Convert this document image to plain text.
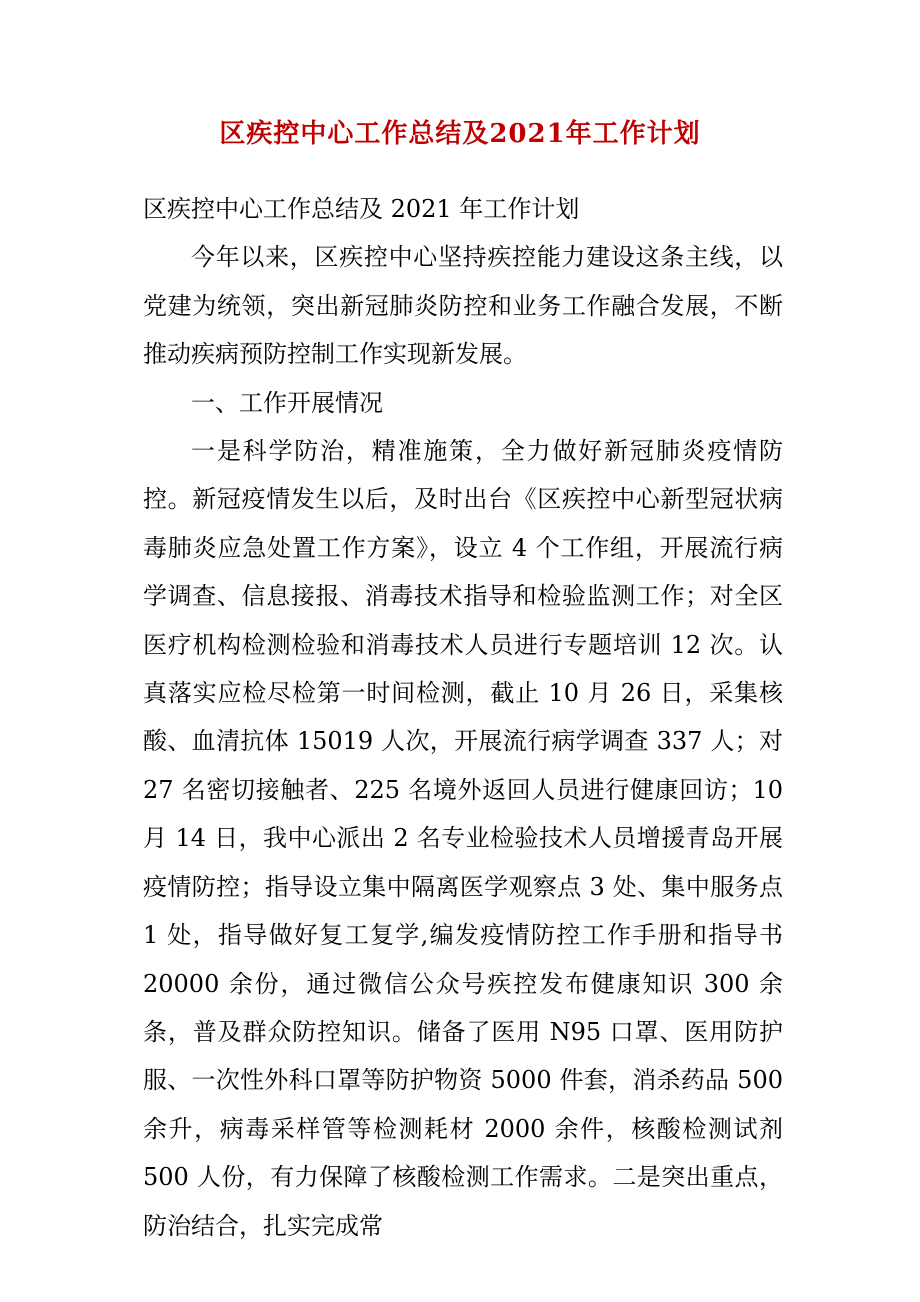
区疾控中心工作总结及2021年工作计划

区疾控中心工作总结及 2021 年工作计划

今年以来，区疾控中心坚持疾控能力建设这条主线，以党建为统领，突出新冠肺炎防控和业务工作融合发展，不断推动疾病预防控制工作实现新发展。

一、工作开展情况

一是科学防治，精准施策，全力做好新冠肺炎疫情防控。新冠疫情发生以后，及时出台《区疾控中心新型冠状病毒肺炎应急处置工作方案》，设立 4 个工作组，开展流行病学调查、信息接报、消毒技术指导和检验监测工作；对全区医疗机构检测检验和消毒技术人员进行专题培训 12 次。认真落实应检尽检第一时间检测，截止 10 月 26 日，采集核酸、血清抗体 15019 人次，开展流行病学调查 337 人；对 27 名密切接触者、225 名境外返回人员进行健康回访；10 月 14 日，我中心派出 2 名专业检验技术人员增援青岛开展疫情防控；指导设立集中隔离医学观察点 3 处、集中服务点 1 处，指导做好复工复学,编发疫情防控工作手册和指导书 20000 余份，通过微信公众号疾控发布健康知识 300 余条，普及群众防控知识。储备了医用 N95 口罩、医用防护服、一次性外科口罩等防护物资 5000 件套，消杀药品 500 余升，病毒采样管等检测耗材 2000 余件，核酸检测试剂 500 人份，有力保障了核酸检测工作需求。二是突出重点，防治结合，扎实完成常
